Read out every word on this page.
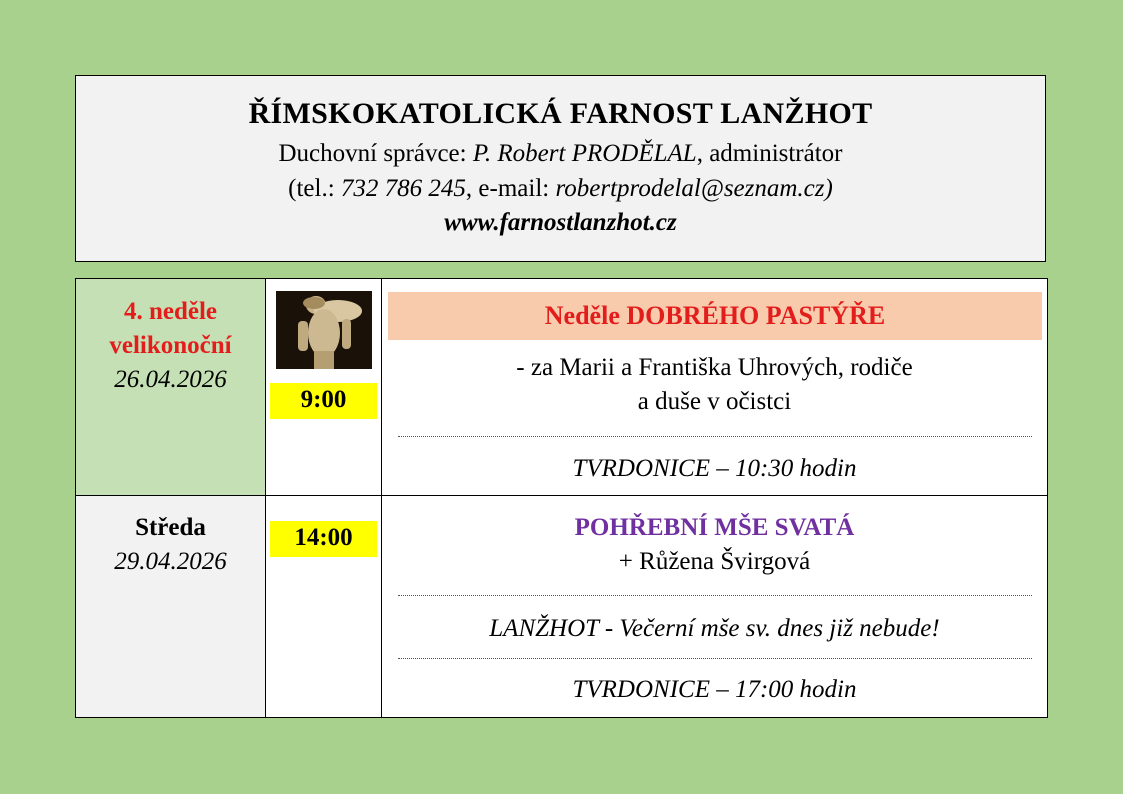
ŘÍMSKOKATOLICKÁ FARNOST LANŽHOT
Duchovní správce: P. Robert PRODĚLAL, administrátor
(tel.: 732 786 245, e-mail: robertprodelal@seznam.cz)
www.farnostlanzhot.cz
4. neděle
velikonoční
26.04.2026
9:00
Neděle DOBRÉHO PASTÝŘE
- za Marii a Františka Uhrových, rodiče
a duše v očistci
TVRDONICE – 10:30 hodin
Středa
29.04.2026
14:00	POHŘEBNÍ MŠE SVATÁ
+ Růžena Švirgová
LANŽHOT - Večerní mše sv. dnes již nebude!
TVRDONICE – 17:00 hodin
